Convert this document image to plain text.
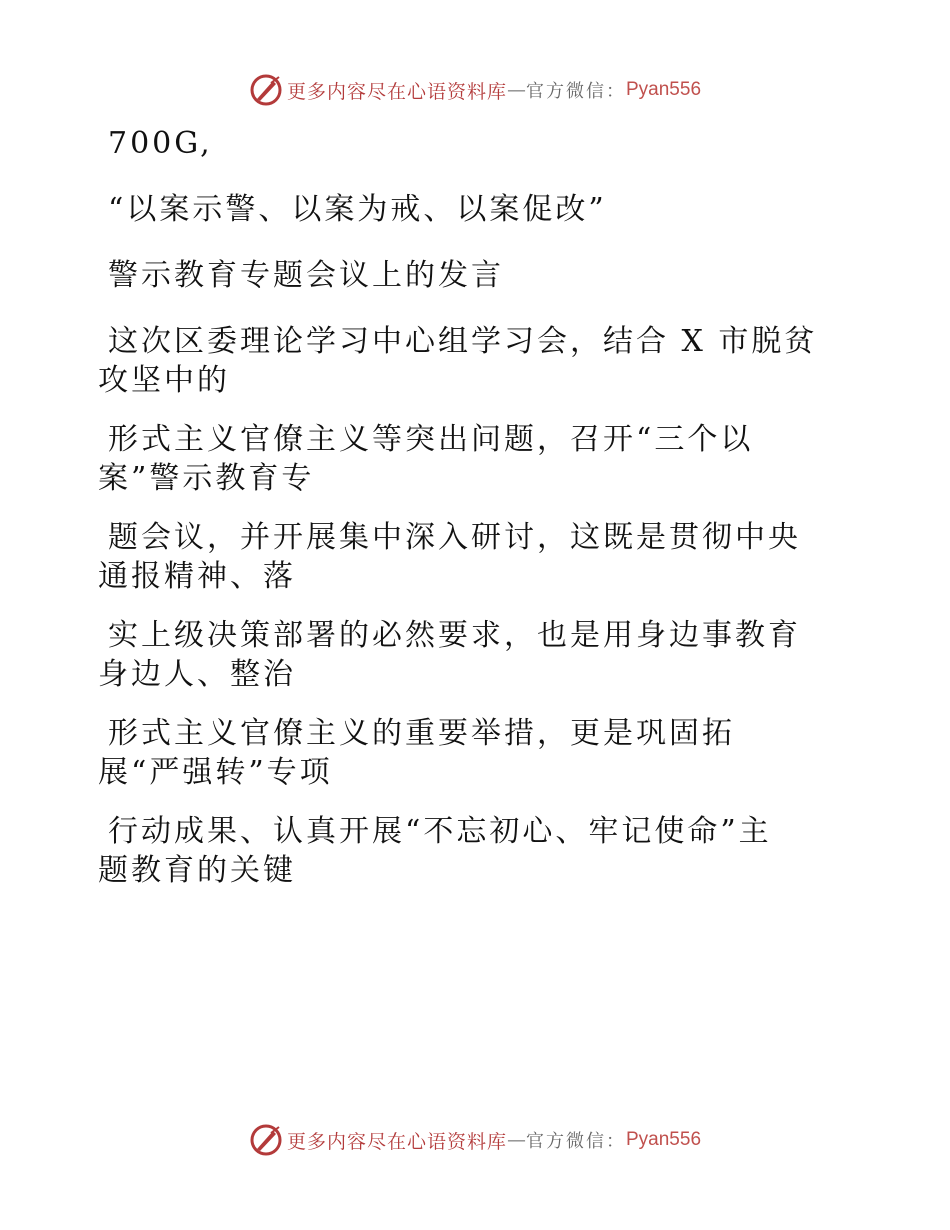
更多内容尽在心语资料库 — 官方微信： Pyan556

700G,

“以案示警、以案为戒、以案促改”

警示教育专题会议上的发言

这次区委理论学习中心组学习会，结合 X 市脱贫
攻坚中的

形式主义官僚主义等突出问题，召开“三个以
案”警示教育专

题会议，并开展集中深入研讨，这既是贯彻中央
通报精神、落

实上级决策部署的必然要求，也是用身边事教育
身边人、整治

形式主义官僚主义的重要举措，更是巩固拓
展“严强转”专项

行动成果、认真开展“不忘初心、牢记使命”主
题教育的关键

更多内容尽在心语资料库 — 官方微信： Pyan556
